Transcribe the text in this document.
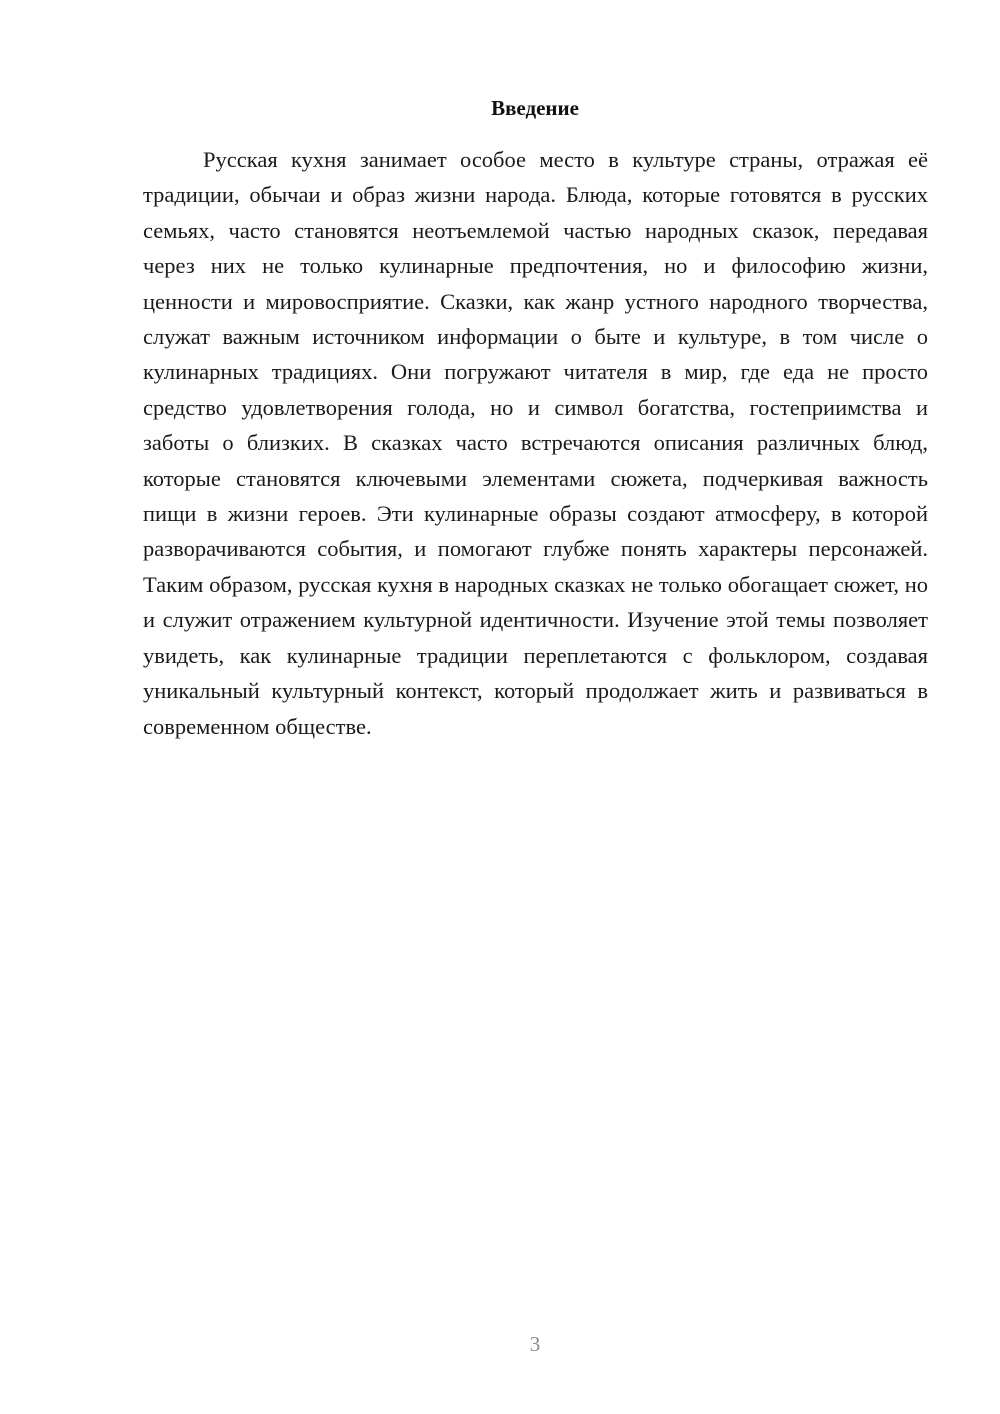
Введение

Русская кухня занимает особое место в культуре страны, отражая её традиции, обычаи и образ жизни народа. Блюда, которые готовятся в русских семьях, часто становятся неотъемлемой частью народных сказок, передавая через них не только кулинарные предпочтения, но и философию жизни, ценности и мировосприятие. Сказки, как жанр устного народного творчества, служат важным источником информации о быте и культуре, в том числе о кулинарных традициях. Они погружают читателя в мир, где еда не просто средство удовлетворения голода, но и символ богатства, гостеприимства и заботы о близких. В сказках часто встречаются описания различных блюд, которые становятся ключевыми элементами сюжета, подчеркивая важность пищи в жизни героев. Эти кулинарные образы создают атмосферу, в которой разворачиваются события, и помогают глубже понять характеры персонажей. Таким образом, русская кухня в народных сказках не только обогащает сюжет, но и служит отражением культурной идентичности. Изучение этой темы позволяет увидеть, как кулинарные традиции переплетаются с фольклором, создавая уникальный культурный контекст, который продолжает жить и развиваться в современном обществе.

3
